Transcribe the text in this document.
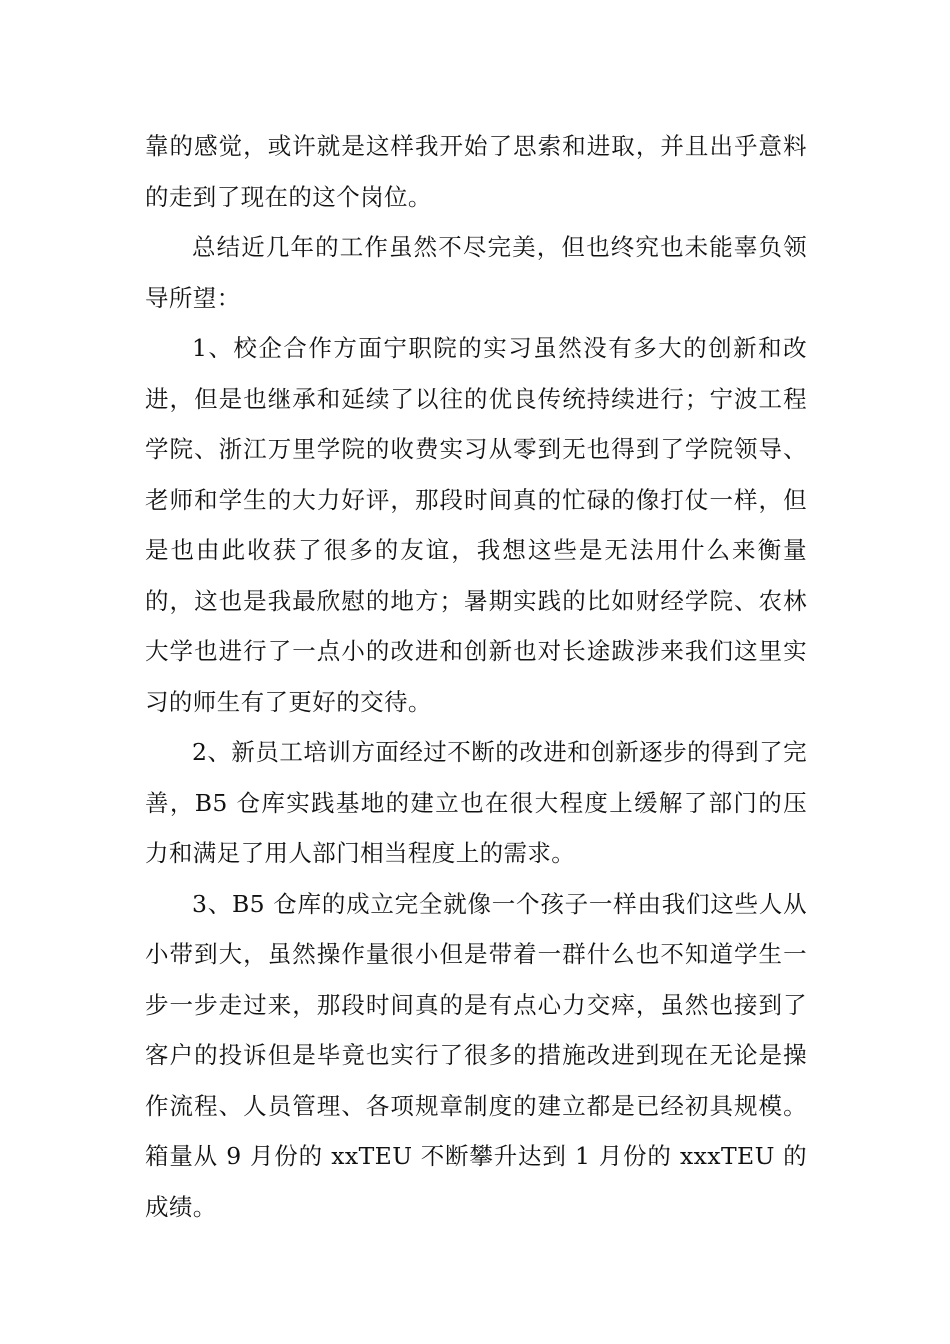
靠的感觉，或许就是这样我开始了思索和进取，并且出乎意料的走到了现在的这个岗位。

总结近几年的工作虽然不尽完美，但也终究也未能辜负领导所望：

1、校企合作方面宁职院的实习虽然没有多大的创新和改进，但是也继承和延续了以往的优良传统持续进行；宁波工程学院、浙江万里学院的收费实习从零到无也得到了学院领导、老师和学生的大力好评，那段时间真的忙碌的像打仗一样，但是也由此收获了很多的友谊，我想这些是无法用什么来衡量的，这也是我最欣慰的地方；暑期实践的比如财经学院、农林大学也进行了一点小的改进和创新也对长途跋涉来我们这里实习的师生有了更好的交待。

2、新员工培训方面经过不断的改进和创新逐步的得到了完善，B5 仓库实践基地的建立也在很大程度上缓解了部门的压力和满足了用人部门相当程度上的需求。

3、B5 仓库的成立完全就像一个孩子一样由我们这些人从小带到大，虽然操作量很小但是带着一群什么也不知道学生一步一步走过来，那段时间真的是有点心力交瘁，虽然也接到了客户的投诉但是毕竟也实行了很多的措施改进到现在无论是操作流程、人员管理、各项规章制度的建立都是已经初具规模。箱量从 9 月份的 xxTEU 不断攀升达到 1 月份的 xxxTEU 的成绩。
